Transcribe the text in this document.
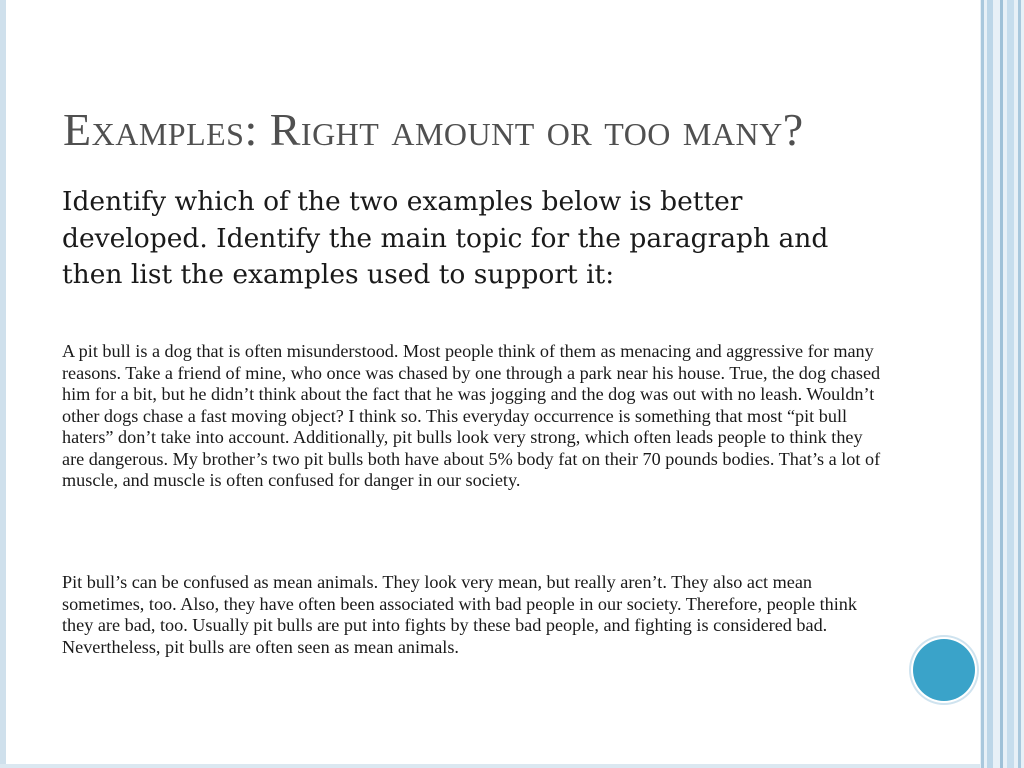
Examples: Right amount or too many?

Identify which of the two examples below is better developed. Identify the main topic for the paragraph and then list the examples used to support it:

A pit bull is a dog that is often misunderstood. Most people think of them as menacing and aggressive for many reasons. Take a friend of mine, who once was chased by one through a park near his house. True, the dog chased him for a bit, but he didn’t think about the fact that he was jogging and the dog was out with no leash. Wouldn’t other dogs chase a fast moving object? I think so. This everyday occurrence is something that most “pit bull haters” don’t take into account. Additionally, pit bulls look very strong, which often leads people to think they are dangerous. My brother’s two pit bulls both have about 5% body fat on their 70 pounds bodies. That’s a lot of muscle, and muscle is often confused for danger in our society.

Pit bull’s can be confused as mean animals. They look very mean, but really aren’t. They also act mean sometimes, too. Also, they have often been associated with bad people in our society. Therefore, people think they are bad, too. Usually pit bulls are put into fights by these bad people, and fighting is considered bad. Nevertheless, pit bulls are often seen as mean animals.
